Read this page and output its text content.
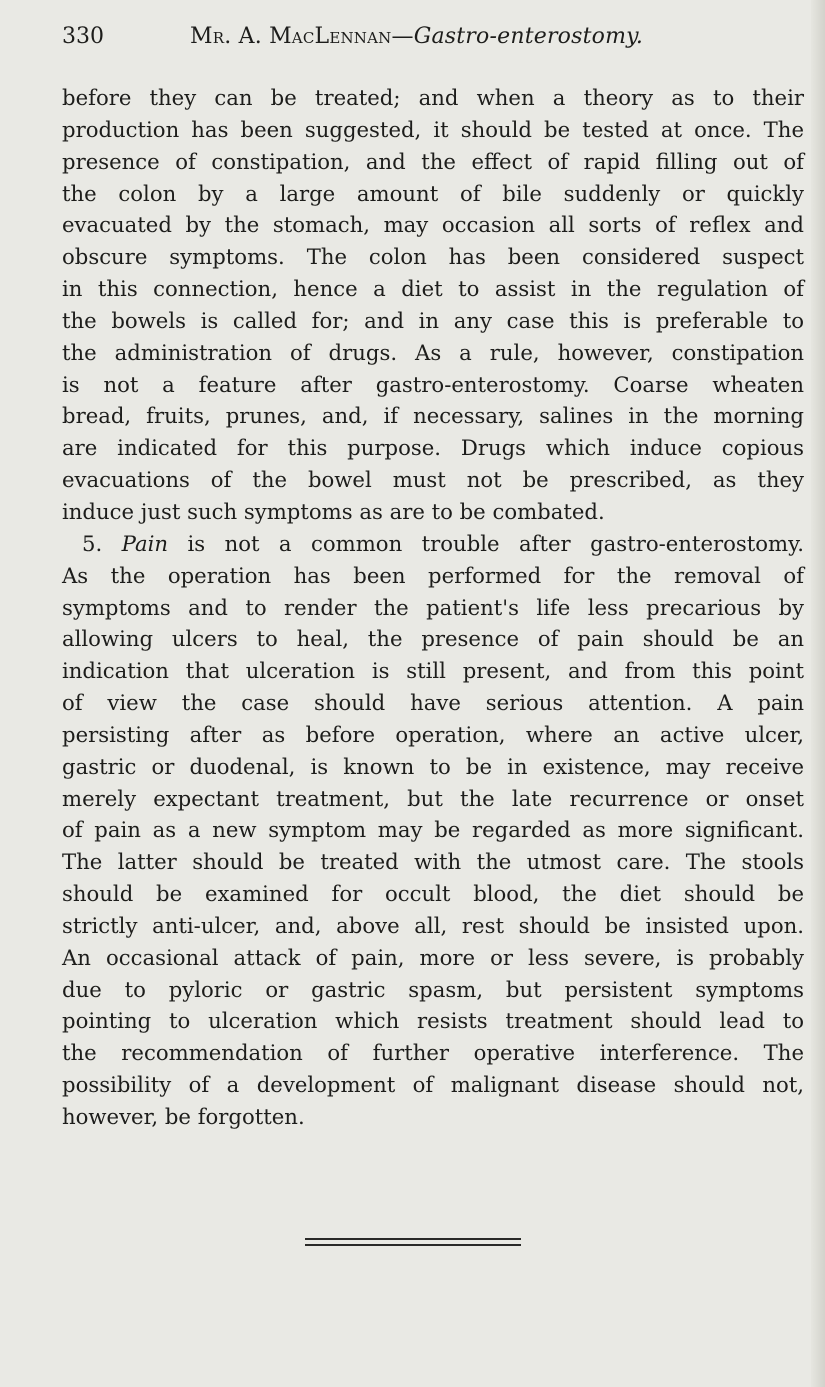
330	Mr. A. MacLennan—Gastro-enterostomy.
before they can be treated; and when a theory as to their
production has been suggested, it should be tested at once. The
presence of constipation, and the effect of rapid filling out of
the colon by a large amount of bile suddenly or quickly
evacuated by the stomach, may occasion all sorts of reflex and
obscure symptoms. The colon has been considered suspect
in this connection, hence a diet to assist in the regulation of
the bowels is called for; and in any case this is preferable to
the administration of drugs. As a rule, however, constipation
is not a feature after gastro-enterostomy. Coarse wheaten
bread, fruits, prunes, and, if necessary, salines in the morning
are indicated for this purpose. Drugs which induce copious
evacuations of the bowel must not be prescribed, as they
induce just such symptoms as are to be combated.
5. Pain is not a common trouble after gastro-enterostomy.
As the operation has been performed for the removal of
symptoms and to render the patient's life less precarious by
allowing ulcers to heal, the presence of pain should be an
indication that ulceration is still present, and from this point
of view the case should have serious attention. A pain
persisting after as before operation, where an active ulcer,
gastric or duodenal, is known to be in existence, may receive
merely expectant treatment, but the late recurrence or onset
of pain as a new symptom may be regarded as more significant.
The latter should be treated with the utmost care. The stools
should be examined for occult blood, the diet should be
strictly anti-ulcer, and, above all, rest should be insisted upon.
An occasional attack of pain, more or less severe, is probably
due to pyloric or gastric spasm, but persistent symptoms
pointing to ulceration which resists treatment should lead to
the recommendation of further operative interference. The
possibility of a development of malignant disease should not,
however, be forgotten.
